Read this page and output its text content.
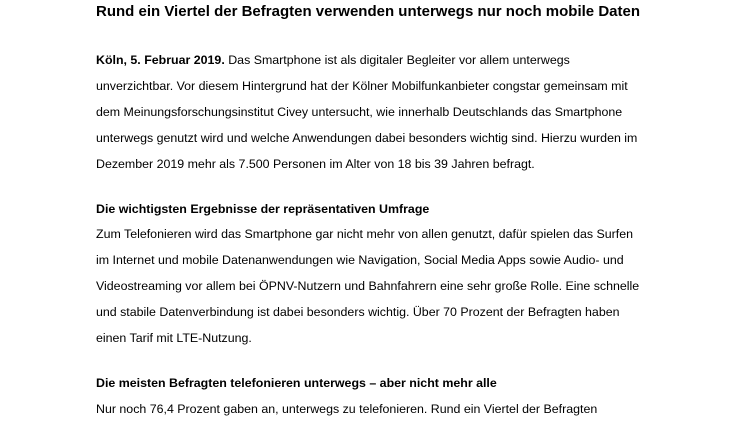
Rund ein Viertel der Befragten verwenden unterwegs nur noch mobile Daten
Köln, 5. Februar 2019. Das Smartphone ist als digitaler Begleiter vor allem unterwegs
unverzichtbar. Vor diesem Hintergrund hat der Kölner Mobilfunkanbieter congstar gemeinsam mit
dem Meinungsforschungsinstitut Civey untersucht, wie innerhalb Deutschlands das Smartphone
unterwegs genutzt wird und welche Anwendungen dabei besonders wichtig sind. Hierzu wurden im
Dezember 2019 mehr als 7.500 Personen im Alter von 18 bis 39 Jahren befragt.
Die wichtigsten Ergebnisse der repräsentativen Umfrage
Zum Telefonieren wird das Smartphone gar nicht mehr von allen genutzt, dafür spielen das Surfen
im Internet und mobile Datenanwendungen wie Navigation, Social Media Apps sowie Audio- und
Videostreaming vor allem bei ÖPNV-Nutzern und Bahnfahrern eine sehr große Rolle. Eine schnelle
und stabile Datenverbindung ist dabei besonders wichtig. Über 70 Prozent der Befragten haben
einen Tarif mit LTE-Nutzung.
Die meisten Befragten telefonieren unterwegs – aber nicht mehr alle
Nur noch 76,4 Prozent gaben an, unterwegs zu telefonieren. Rund ein Viertel der Befragten
